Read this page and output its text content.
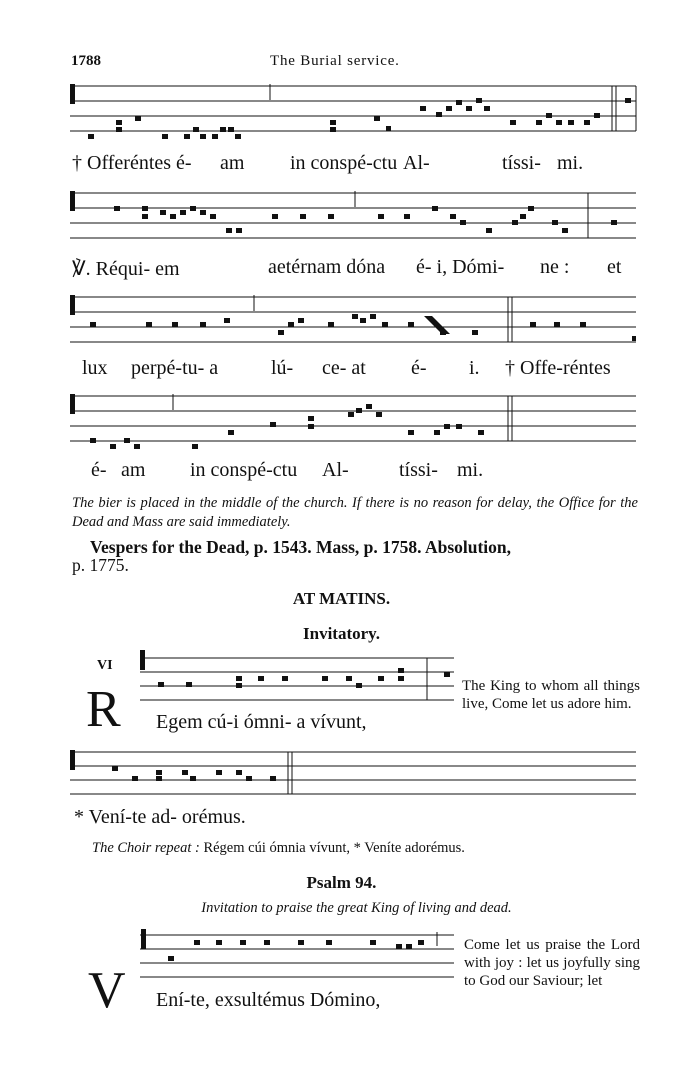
1788	The Burial service.
† Offeréntes é- am in conspé-ctu Al-	tíssi- mi.
℣. Réqui- em	aetérnam dóna é- i, Dómi- ne : et
lux perpé-tu- a	lú- ce- at é- i. † Offe-réntes
é- am in conspé-ctu Al-	tíssi- mi.
The bier is placed in the middle of the church. If there is no reason for delay, the Office for the Dead and Mass are said immediately.
Vespers for the Dead, p. 1543. Mass, p. 1758. Absolution,
p. 1775.
AT MATINS.
Invitatory.
VI
R Egem cú-i ómni- a vívunt,
The King to whom all things live, Come let us adore him.
* Vení-te ad- orémus.
The Choir repeat : Régem cúi ómnia vívunt, * Veníte adorémus.
Psalm 94.
Invitation to praise the great King of living and dead.
V Ení-te, exsultémus Dómino,
Come let us praise the Lord with joy : let us joyfully sing to God our Saviour; let
